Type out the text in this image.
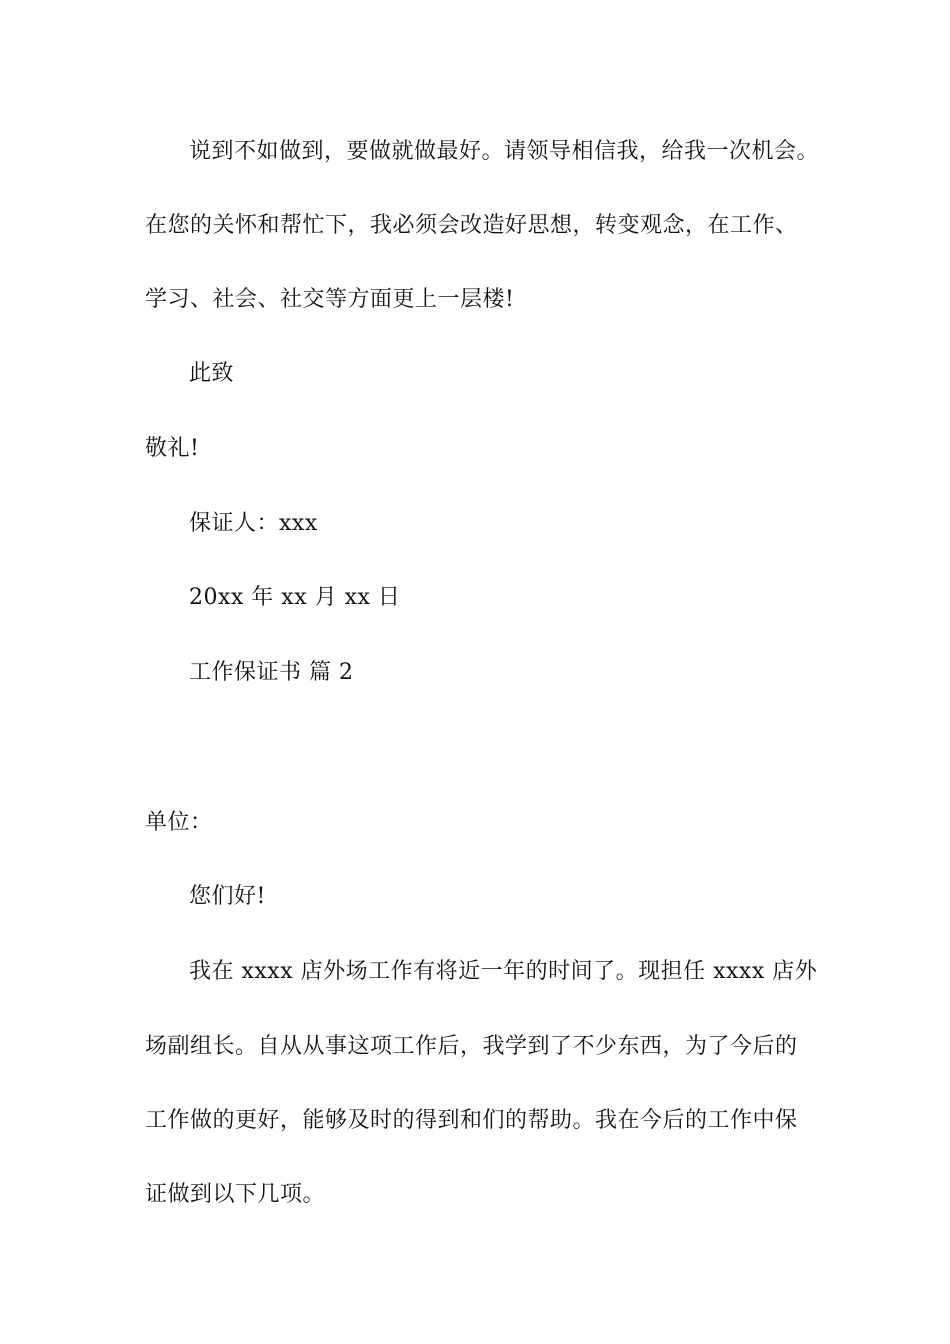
说到不如做到，要做就做最好。请领导相信我，给我一次机会。
在您的关怀和帮忙下，我必须会改造好思想，转变观念，在工作、
学习、社会、社交等方面更上一层楼!
此致
敬礼!
保证人：xxx
20xx 年 xx 月 xx 日
工作保证书 篇 2
单位：
您们好!
我在 xxxx 店外场工作有将近一年的时间了。现担任 xxxx 店外
场副组长。自从从事这项工作后，我学到了不少东西，为了今后的
工作做的更好，能够及时的得到和们的帮助。我在今后的工作中保
证做到以下几项。
